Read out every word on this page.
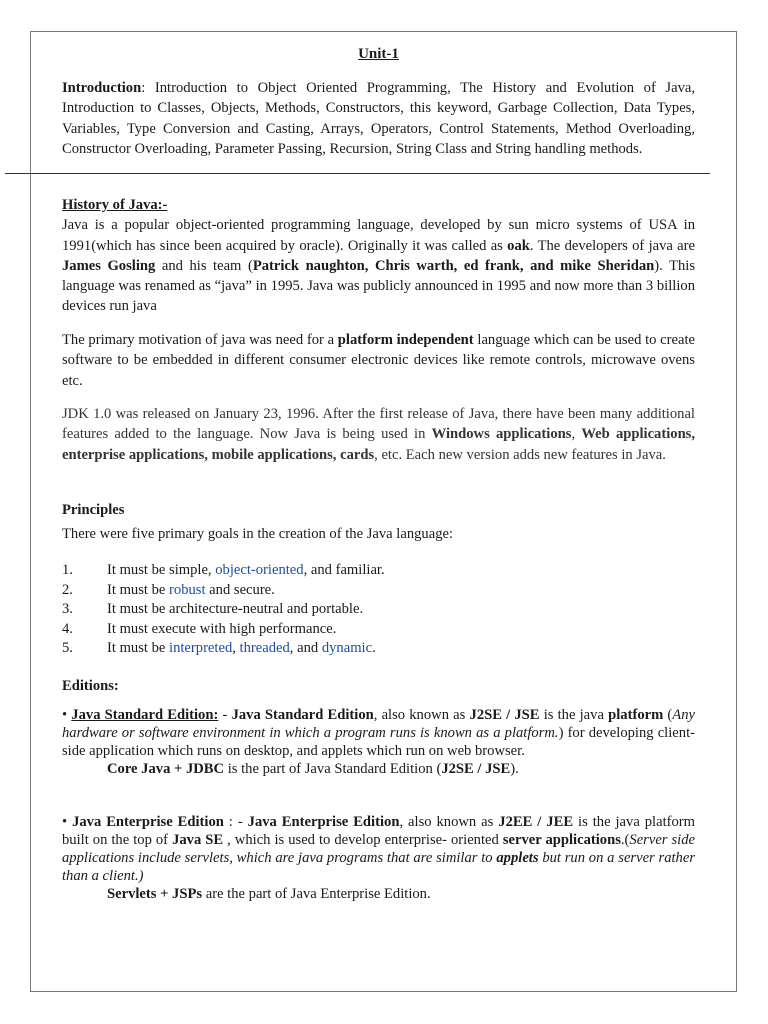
Unit-1
Introduction: Introduction to Object Oriented Programming, The History and Evolution of Java, Introduction to Classes, Objects, Methods, Constructors, this keyword, Garbage Collection, Data Types, Variables, Type Conversion and Casting, Arrays, Operators, Control Statements, Method Overloading, Constructor Overloading, Parameter Passing, Recursion, String Class and String handling methods.

History of Java:-

Java is a popular object-oriented programming language, developed by sun micro systems of USA in 1991(which has since been acquired by oracle). Originally it was called as oak. The developers of java are James Gosling and his team (Patrick naughton, Chris warth, ed frank, and mike Sheridan). This language was renamed as “java” in 1995. Java was publicly announced in 1995 and now more than 3 billion devices run java

The primary motivation of java was need for a platform independent language which can be used to create software to be embedded in different consumer electronic devices like remote controls, microwave ovens etc.
JDK 1.0 was released on January 23, 1996. After the first release of Java, there have been many additional features added to the language. Now Java is being used in Windows applications, Web applications, enterprise applications, mobile applications, cards, etc. Each new version adds new features in Java.
Principles
There were five primary goals in the creation of the Java language:
1.	It must be simple, object-oriented, and familiar.
2.	It must be robust and secure.
3.	It must be architecture-neutral and portable.
4.	It must execute with high performance.
5.	It must be interpreted, threaded, and dynamic.
Editions:

• Java Standard Edition: - Java Standard Edition, also known as J2SE / JSE is the java platform (Any hardware or software environment in which a program runs is known as a platform.) for developing client-side application which runs on desktop, and applets which run on web browser.

Core Java + JDBC is the part of Java Standard Edition (J2SE / JSE).

• Java Enterprise Edition : - Java Enterprise Edition, also known as J2EE / JEE is the java platform built on the top of Java SE , which is used to develop enterprise- oriented server applications.(Server side applications include servlets, which are java programs that are similar to applets but run on a server rather than a client.)

Servlets + JSPs are the part of Java Enterprise Edition.
